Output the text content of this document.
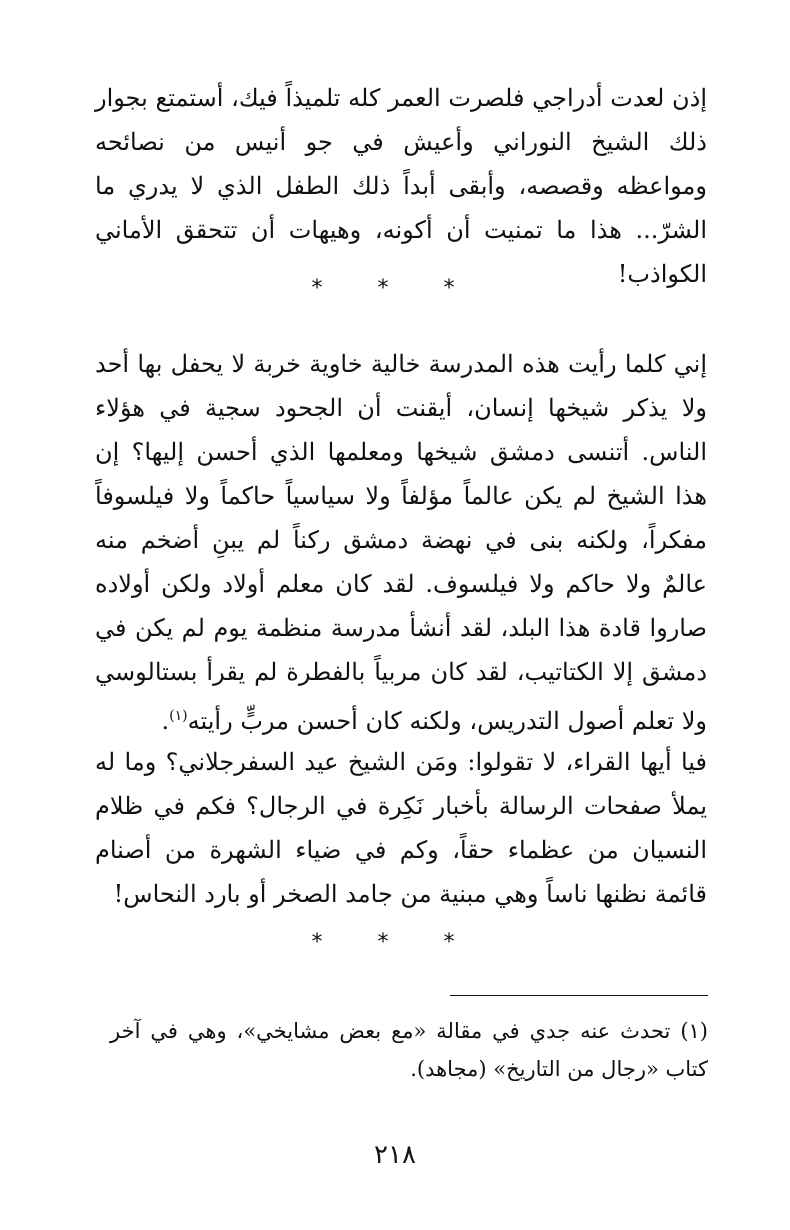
إذن لعدت أدراجي فلصرت العمر كله تلميذاً فيك، أستمتع بجوار ذلك الشيخ النوراني وأعيش في جو أنيس من نصائحه ومواعظه وقصصه، وأبقى أبداً ذلك الطفل الذي لا يدري ما الشرّ... هذا ما تمنيت أن أكونه، وهيهات أن تتحقق الأماني الكواذب!

* * *

إني كلما رأيت هذه المدرسة خالية خاوية خربة لا يحفل بها أحد ولا يذكر شيخها إنسان، أيقنت أن الجحود سجية في هؤلاء الناس. أتنسى دمشق شيخها ومعلمها الذي أحسن إليها؟ إن هذا الشيخ لم يكن عالماً مؤلفاً ولا سياسياً حاكماً ولا فيلسوفاً مفكراً، ولكنه بنى في نهضة دمشق ركناً لم يبنِ أضخم منه عالمٌ ولا حاكم ولا فيلسوف. لقد كان معلم أولاد ولكن أولاده صاروا قادة هذا البلد، لقد أنشأ مدرسة منظمة يوم لم يكن في دمشق إلا الكتاتيب، لقد كان مربياً بالفطرة لم يقرأ بستالوسي ولا تعلم أصول التدريس، ولكنه كان أحسن مربٍّ رأيته$^{(١)}$.

فيا أيها القراء، لا تقولوا: ومَن الشيخ عيد السفرجلاني؟ وما له يملأ صفحات الرسالة بأخبار نَكِرة في الرجال؟ فكم في ظلام النسيان من عظماء حقاً، وكم في ضياء الشهرة من أصنام قائمة نظنها ناساً وهي مبنية من جامد الصخر أو بارد النحاس!

* * *

(١) تحدث عنه جدي في مقالة «مع بعض مشايخي»، وهي في آخر كتاب «رجال من التاريخ» (مجاهد).

٢١٨
